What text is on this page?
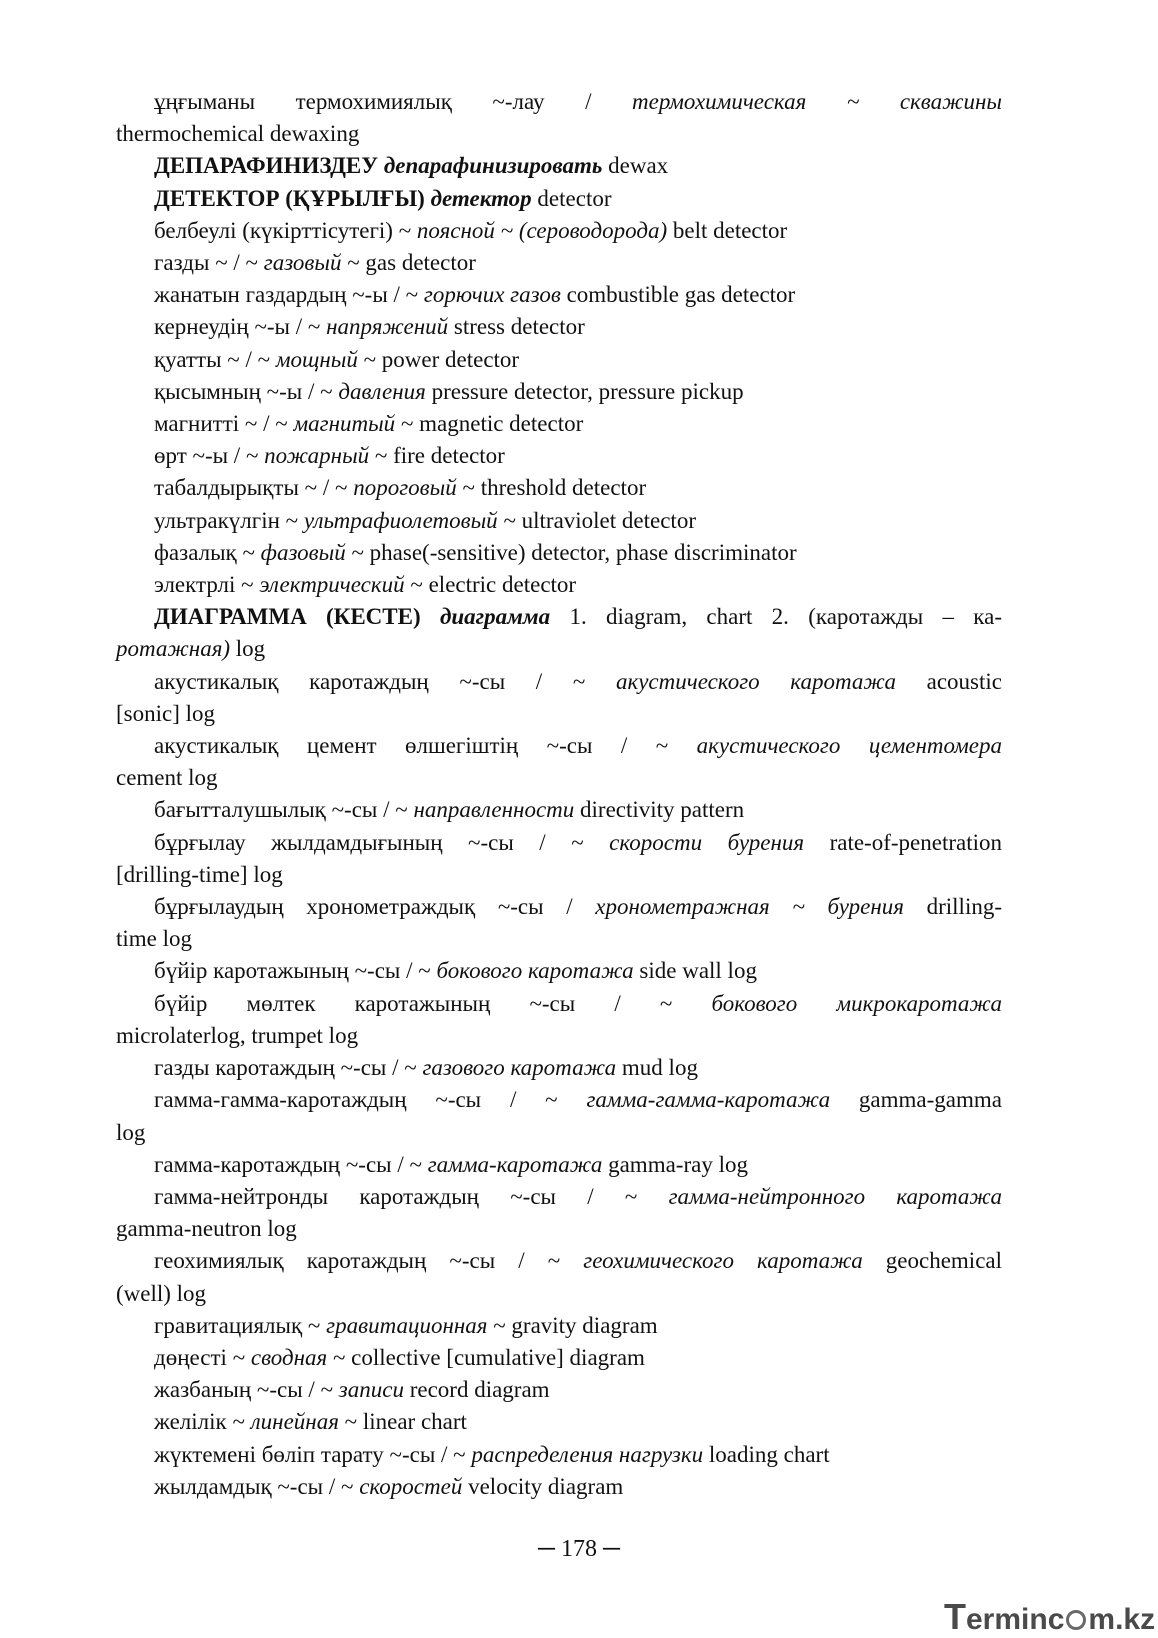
ұңғыманы термохимиялық ~-лау / термохимическая ~ скважины
thermochemical dewaxing
ДЕПАРАФИНИЗДЕУ депарафинизировать dewax
ДЕТЕКТОР (ҚҰРЫЛҒЫ) детектор detector
белбеулі (күкірттісутегі) ~ поясной ~ (сероводорода) belt detector
газды ~ / ~ газовый ~ gas detector
жанатын газдардың ~-ы / ~ горючих газов combustible gas detector
кернеудің ~-ы / ~ напряжений stress detector
қуатты ~ / ~ мощный ~ power detector
қысымның ~-ы / ~ давления pressure detector, pressure pickup
магнитті ~ / ~ магнитый ~ magnetic detector
өрт ~-ы / ~ пожарный ~ fire detector
табалдырықты ~ / ~ пороговый ~ threshold detector
ультракүлгін ~ ультрафиолетовый ~ ultraviolet detector
фазалық ~ фазовый ~ phase(-sensitive) detector, phase discriminator
электрлі ~ электрический ~ electric detector
ДИАГРАММА (КЕСТЕ) диаграмма 1. diagram, chart 2. (каротажды – ка-
ротажная) log
акустикалық каротаждың ~-сы / ~ акустического каротажа acoustic
[sonic] log
акустикалық цемент өлшегіштің ~-сы / ~ акустического цементомера
cement log
бағытталушылық ~-сы / ~ направленности directivity pattern
бұрғылау жылдамдығының ~-сы / ~ скорости бурения rate-of-penetration
[drilling-time] log
бұрғылаудың хронометраждық ~-сы / хронометражная ~ бурения drilling-
time log
бүйір каротажының ~-сы / ~ бокового каротажа side wall log
бүйір мөлтек каротажының ~-сы / ~ бокового микрокаротажа
microlaterlog, trumpet log
газды каротаждың ~-сы / ~ газового каротажа mud log
гамма-гамма-каротаждың ~-сы / ~ гамма-гамма-каротажа gamma-gamma
log
гамма-каротаждың ~-сы / ~ гамма-каротажа gamma-ray log
гамма-нейтронды каротаждың ~-сы / ~ гамма-нейтронного каротажа
gamma-neutron log
геохимиялық каротаждың ~-сы / ~ геохимического каротажа geochemical
(well) log
гравитациялық ~ гравитационная ~ gravity diagram
дөңесті ~ сводная ~ collective [cumulative] diagram
жазбаның ~-сы / ~ записи record diagram
желілік ~ линейная ~ linear chart
жүктемені бөліп тарату ~-сы / ~ распределения нагрузки loading chart
жылдамдық ~-сы / ~ скоростей velocity diagram
─ 178 ─
T erminc m.kz
